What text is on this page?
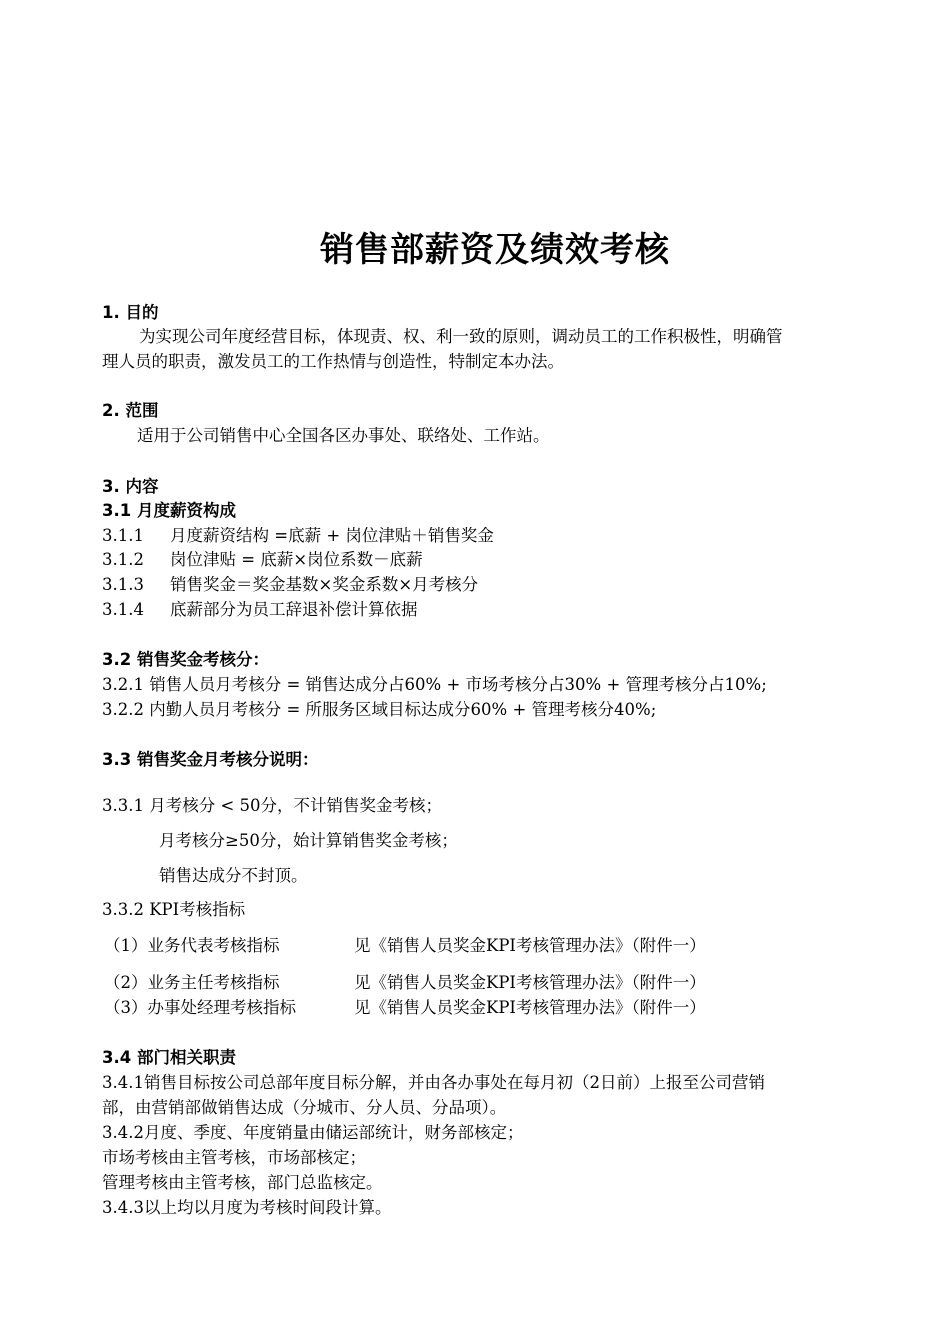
销售部薪资及绩效考核
1. 目的
为实现公司年度经营目标，体现责、权、利一致的原则，调动员工的工作积极性，明确管
理人员的职责，激发员工的工作热情与创造性，特制定本办法。
2. 范围
适用于公司销售中心全国各区办事处、联络处、工作站。
3. 内容
3.1 月度薪资构成
3.1.1 月度薪资结构 =底薪 + 岗位津贴＋销售奖金
3.1.2 岗位津贴 = 底薪×岗位系数－底薪
3.1.3 销售奖金＝奖金基数×奖金系数×月考核分
3.1.4 底薪部分为员工辞退补偿计算依据
3.2 销售奖金考核分：
3.2.1 销售人员月考核分 = 销售达成分占60% + 市场考核分占30% + 管理考核分占10%;
3.2.2 内勤人员月考核分 = 所服务区域目标达成分60% + 管理考核分40%;
3.3 销售奖金月考核分说明：
3.3.1 月考核分 < 50分，不计销售奖金考核；
月考核分≥50分，始计算销售奖金考核；
销售达成分不封顶。
3.3.2 KPI考核指标
（1）业务代表考核指标	见《销售人员奖金KPI考核管理办法》（附件一）
（2）业务主任考核指标	见《销售人员奖金KPI考核管理办法》（附件一）
（3）办事处经理考核指标	见《销售人员奖金KPI考核管理办法》（附件一）
3.4 部门相关职责
3.4.1销售目标按公司总部年度目标分解，并由各办事处在每月初（2日前）上报至公司营销
部，由营销部做销售达成（分城市、分人员、分品项）。
3.4.2月度、季度、年度销量由储运部统计，财务部核定；
市场考核由主管考核，市场部核定；
管理考核由主管考核，部门总监核定。
3.4.3以上均以月度为考核时间段计算。
